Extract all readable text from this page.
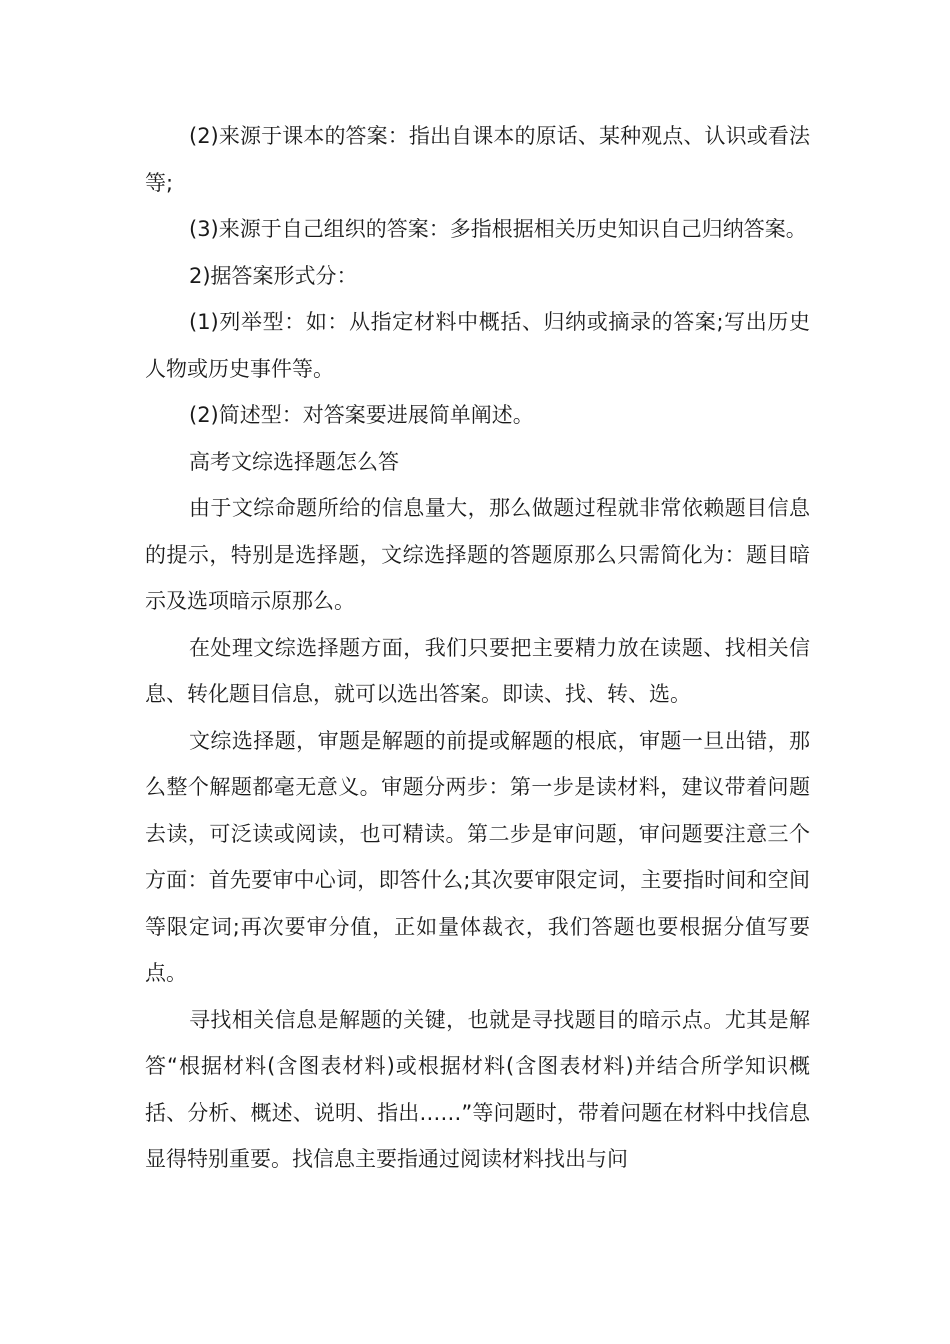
(2)来源于课本的答案：指出自课本的原话、某种观点、认识或看法等;

(3)来源于自己组织的答案：多指根据相关历史知识自己归纳答案。

2)据答案形式分：

(1)列举型：如：从指定材料中概括、归纳或摘录的答案;写出历史人物或历史事件等。

(2)简述型：对答案要进展简单阐述。

高考文综选择题怎么答

由于文综命题所给的信息量大，那么做题过程就非常依赖题目信息的提示，特别是选择题，文综选择题的答题原那么只需简化为：题目暗示及选项暗示原那么。

在处理文综选择题方面，我们只要把主要精力放在读题、找相关信息、转化题目信息，就可以选出答案。即读、找、转、选。

文综选择题，审题是解题的前提或解题的根底，审题一旦出错，那么整个解题都毫无意义。审题分两步：第一步是读材料，建议带着问题去读，可泛读或阅读，也可精读。第二步是审问题，审问题要注意三个方面：首先要审中心词，即答什么;其次要审限定词，主要指时间和空间等限定词;再次要审分值，正如量体裁衣，我们答题也要根据分值写要点。

寻找相关信息是解题的关键，也就是寻找题目的暗示点。尤其是解答“根据材料(含图表材料)或根据材料(含图表材料)并结合所学知识概括、分析、概述、说明、指出……”等问题时，带着问题在材料中找信息显得特别重要。找信息主要指通过阅读材料找出与问
